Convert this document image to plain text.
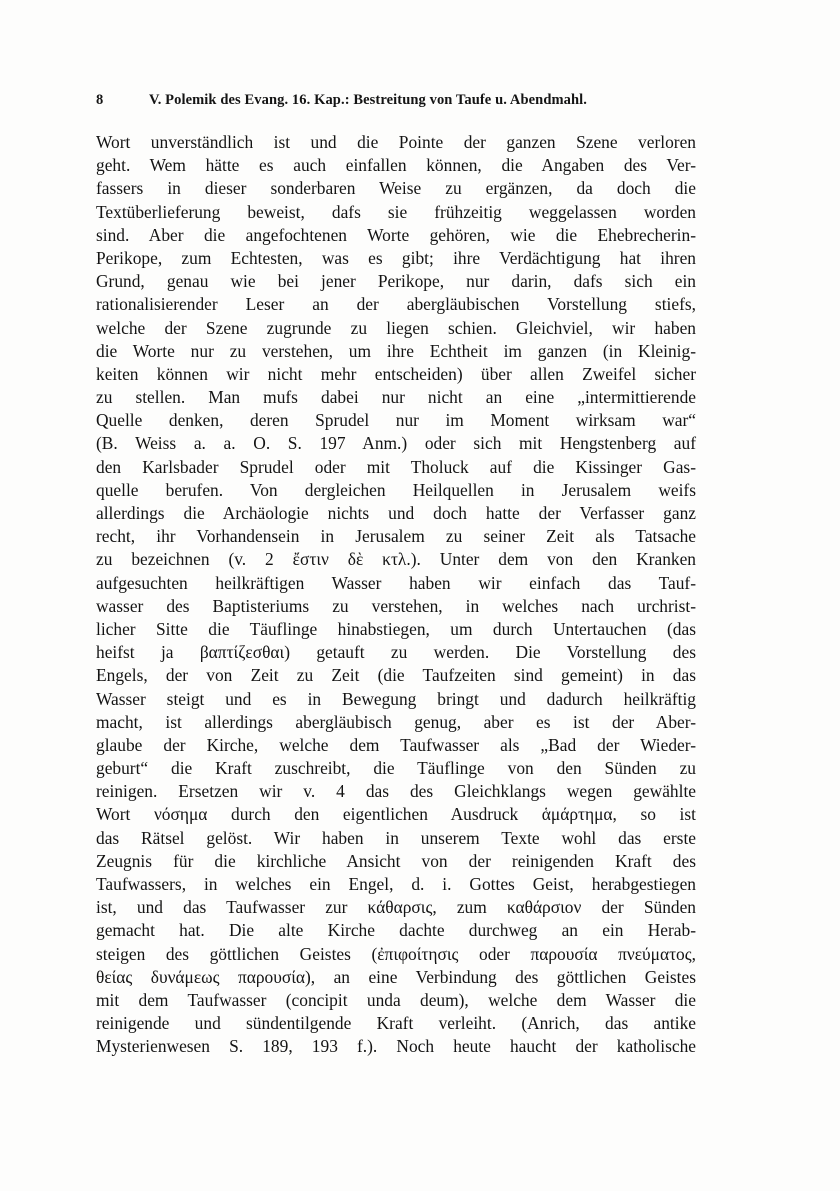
8	V. Polemik des Evang. 16. Kap.: Bestreitung von Taufe u. Abendmahl.
Wort unverständlich ist und die Pointe der ganzen Szene verloren
geht. Wem hätte es auch einfallen können, die Angaben des Ver-
fassers in dieser sonderbaren Weise zu ergänzen, da doch die
Textüberlieferung beweist, dafs sie frühzeitig weggelassen worden
sind. Aber die angefochtenen Worte gehören, wie die Ehebrecherin-
Perikope, zum Echtesten, was es gibt; ihre Verdächtigung hat ihren
Grund, genau wie bei jener Perikope, nur darin, dafs sich ein
rationalisierender Leser an der abergläubischen Vorstellung stiefs,
welche der Szene zugrunde zu liegen schien. Gleichviel, wir haben
die Worte nur zu verstehen, um ihre Echtheit im ganzen (in Kleinig-
keiten können wir nicht mehr entscheiden) über allen Zweifel sicher
zu stellen. Man mufs dabei nur nicht an eine „intermittierende
Quelle denken, deren Sprudel nur im Moment wirksam war“
(B. Weiss a. a. O. S. 197 Anm.) oder sich mit Hengstenberg auf
den Karlsbader Sprudel oder mit Tholuck auf die Kissinger Gas-
quelle berufen. Von dergleichen Heilquellen in Jerusalem weifs
allerdings die Archäologie nichts und doch hatte der Verfasser ganz
recht, ihr Vorhandensein in Jerusalem zu seiner Zeit als Tatsache
zu bezeichnen (v. 2 ἔστιν δὲ κτλ.). Unter dem von den Kranken
aufgesuchten heilkräftigen Wasser haben wir einfach das Tauf-
wasser des Baptisteriums zu verstehen, in welches nach urchrist-
licher Sitte die Täuflinge hinabstiegen, um durch Untertauchen (das
heifst ja βαπτίζεσθαι) getauft zu werden. Die Vorstellung des
Engels, der von Zeit zu Zeit (die Taufzeiten sind gemeint) in das
Wasser steigt und es in Bewegung bringt und dadurch heilkräftig
macht, ist allerdings abergläubisch genug, aber es ist der Aber-
glaube der Kirche, welche dem Taufwasser als „Bad der Wieder-
geburt“ die Kraft zuschreibt, die Täuflinge von den Sünden zu
reinigen. Ersetzen wir v. 4 das des Gleichklangs wegen gewählte
Wort νόσημα durch den eigentlichen Ausdruck ἁμάρτημα, so ist
das Rätsel gelöst. Wir haben in unserem Texte wohl das erste
Zeugnis für die kirchliche Ansicht von der reinigenden Kraft des
Taufwassers, in welches ein Engel, d. i. Gottes Geist, herabgestiegen
ist, und das Taufwasser zur κάθαρσις, zum καθάρσιον der Sünden
gemacht hat. Die alte Kirche dachte durchweg an ein Herab-
steigen des göttlichen Geistes (ἐπιφοίτησις oder παρουσία πνεύματος,
θείας δυνάμεως παρουσία), an eine Verbindung des göttlichen Geistes
mit dem Taufwasser (concipit unda deum), welche dem Wasser die
reinigende und sündentilgende Kraft verleiht. (Anrich, das antike
Mysterienwesen S. 189, 193 f.). Noch heute haucht der katholische
